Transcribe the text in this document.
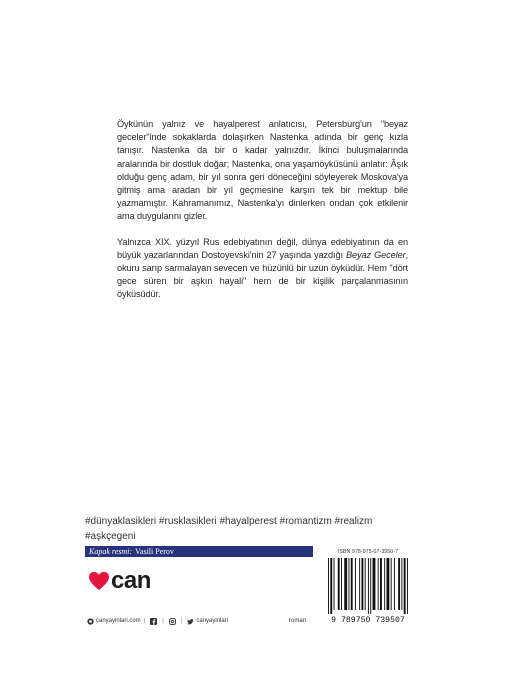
Öykünün yalnız ve hayalperest anlatıcısı, Petersburg'un "beyaz geceler"inde sokaklarda dolaşırken Nastenka adında bir genç kızla tanışır. Nastenka da bir o kadar yalnızdır. İkinci buluşmalarında aralarında bir dostluk doğar; Nastenka, ona yaşamöyküsünü anlatır: Âşık olduğu genç adam, bir yıl sonra geri döneceğini söyleyerek Moskova'ya gitmiş ama aradan bir yıl geçmesine karşın tek bir mektup bile yazmamıştır. Kahramanımız, Nastenka'yı dinlerken ondan çok etkilenir ama duygularını gizler.

Yalnızca XIX. yüzyıl Rus edebiyatının değil, dünya edebiyatının da en büyük yazarlarından Dostoyevski'nin 27 yaşında yazdığı Beyaz Geceler, okuru sarıp sarmalayan sevecen ve hüzünlü bir uzun öyküdür. Hem "dört gece süren bir aşkın hayali" hem de bir kişilik parçalanmasının öyküsüdür.

#dünyaklasikleri #rusklasikleri #hayalperest #romantizm #realizm #aşkçegeni
Kapak resmi: Vasili Perov
can
canyayinlari.com |	|	| canyayinlari	roman
ISBN 978-975-07-3950-7
9 789750 739507
